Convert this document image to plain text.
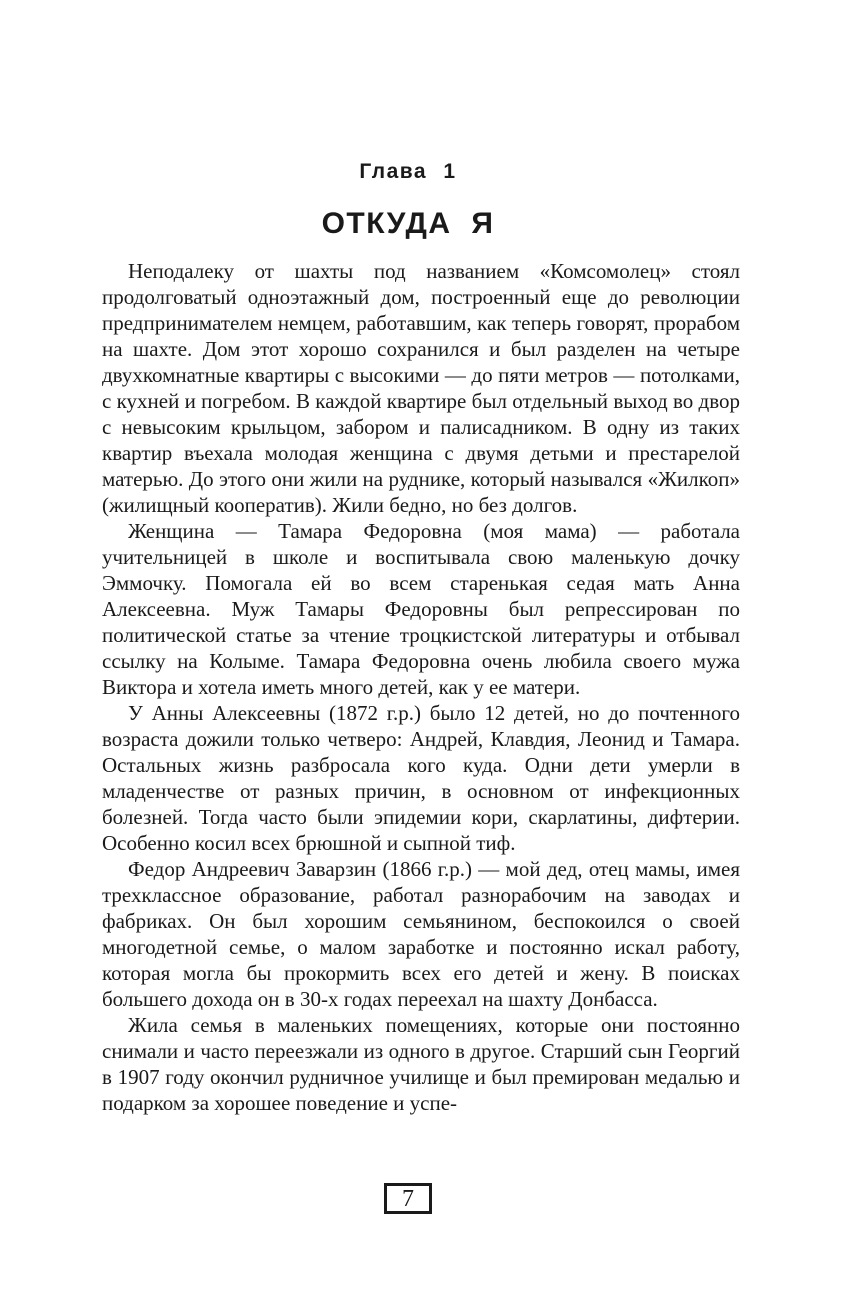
Глава 1
ОТКУДА Я

Неподалеку от шахты под названием «Комсомолец» стоял продолговатый одноэтажный дом, построенный еще до революции предпринимателем немцем, работавшим, как теперь говорят, прорабом на шахте. Дом этот хорошо сохранился и был разделен на четыре двухкомнатные квартиры с высокими — до пяти метров — потолками, с кухней и погребом. В каждой квартире был отдельный выход во двор с невысоким крыльцом, забором и палисадником. В одну из таких квартир въехала молодая женщина с двумя детьми и престарелой матерью. До этого они жили на руднике, который назывался «Жилкоп» (жилищный кооператив). Жили бедно, но без долгов.

Женщина — Тамара Федоровна (моя мама) — работала учительницей в школе и воспитывала свою маленькую дочку Эммочку. Помогала ей во всем старенькая седая мать Анна Алексеевна. Муж Тамары Федоровны был репрессирован по политической статье за чтение троцкистской литературы и отбывал ссылку на Колыме. Тамара Федоровна очень любила своего мужа Виктора и хотела иметь много детей, как у ее матери.

У Анны Алексеевны (1872 г.р.) было 12 детей, но до почтенного возраста дожили только четверо: Андрей, Клавдия, Леонид и Тамара. Остальных жизнь разбросала кого куда. Одни дети умерли в младенчестве от разных причин, в основном от инфекционных болезней. Тогда часто были эпидемии кори, скарлатины, дифтерии. Особенно косил всех брюшной и сыпной тиф.

Федор Андреевич Заварзин (1866 г.р.) — мой дед, отец мамы, имея трехклассное образование, работал разнорабочим на заводах и фабриках. Он был хорошим семьянином, беспокоился о своей многодетной семье, о малом заработке и постоянно искал работу, которая могла бы прокормить всех его детей и жену. В поисках большего дохода он в 30-х годах переехал на шахту Донбасса.

Жила семья в маленьких помещениях, которые они постоянно снимали и часто переезжали из одного в другое. Старший сын Георгий в 1907 году окончил рудничное училище и был премирован медалью и подарком за хорошее поведение и успе-

7
